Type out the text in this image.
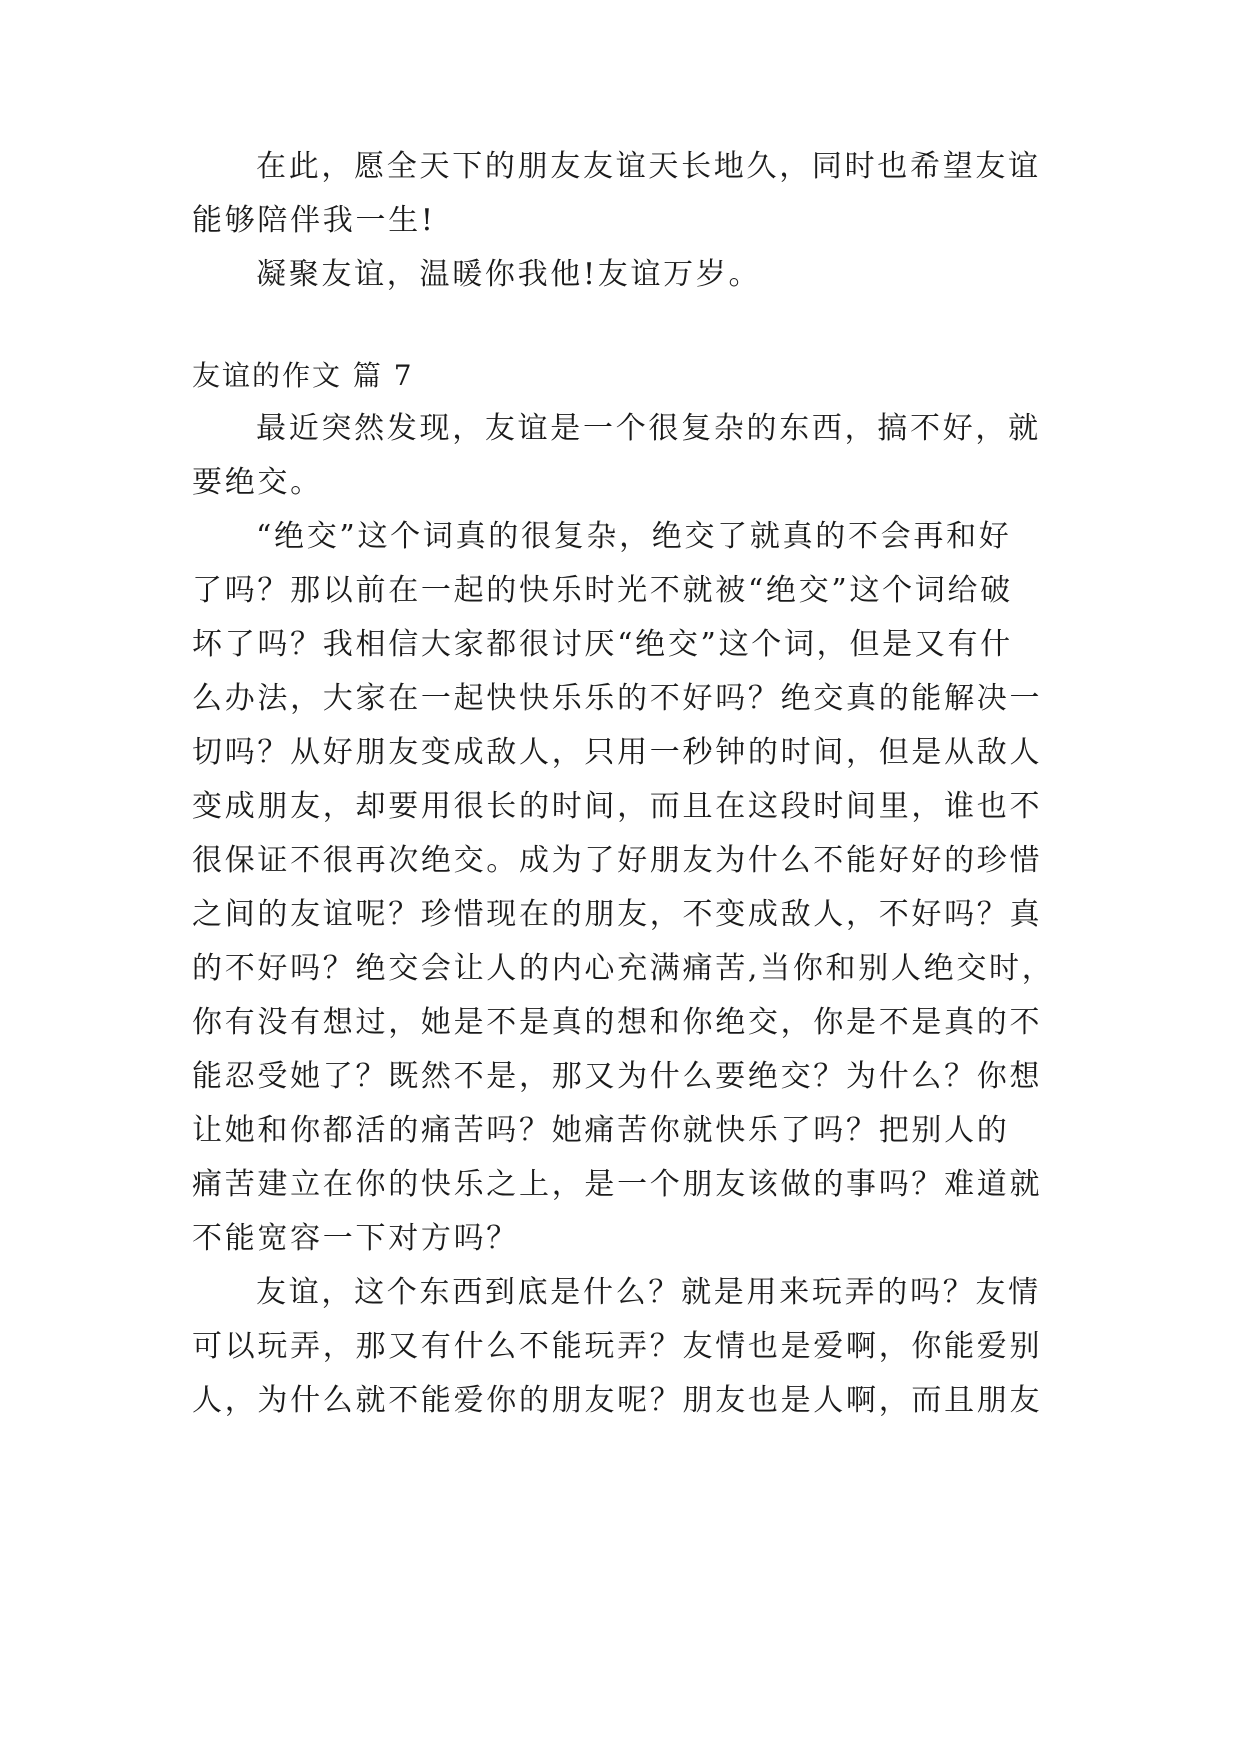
在此，愿全天下的朋友友谊天长地久，同时也希望友谊
能够陪伴我一生!
凝聚友谊，温暖你我他!友谊万岁。
友谊的作文 篇 7
最近突然发现，友谊是一个很复杂的东西，搞不好，就
要绝交。
“绝交”这个词真的很复杂，绝交了就真的不会再和好
了吗？那以前在一起的快乐时光不就被“绝交”这个词给破
坏了吗？我相信大家都很讨厌“绝交”这个词，但是又有什
么办法，大家在一起快快乐乐的不好吗？绝交真的能解决一
切吗？从好朋友变成敌人，只用一秒钟的时间，但是从敌人
变成朋友，却要用很长的时间，而且在这段时间里，谁也不
很保证不很再次绝交。成为了好朋友为什么不能好好的珍惜
之间的友谊呢？珍惜现在的朋友，不变成敌人，不好吗？真
的不好吗？绝交会让人的内心充满痛苦,当你和别人绝交时，
你有没有想过，她是不是真的想和你绝交，你是不是真的不
能忍受她了？既然不是，那又为什么要绝交？为什么？你想
让她和你都活的痛苦吗？她痛苦你就快乐了吗？把别人的
痛苦建立在你的快乐之上，是一个朋友该做的事吗？难道就
不能宽容一下对方吗？
友谊，这个东西到底是什么？就是用来玩弄的吗？友情
可以玩弄，那又有什么不能玩弄？友情也是爱啊，你能爱别
人，为什么就不能爱你的朋友呢？朋友也是人啊，而且朋友
